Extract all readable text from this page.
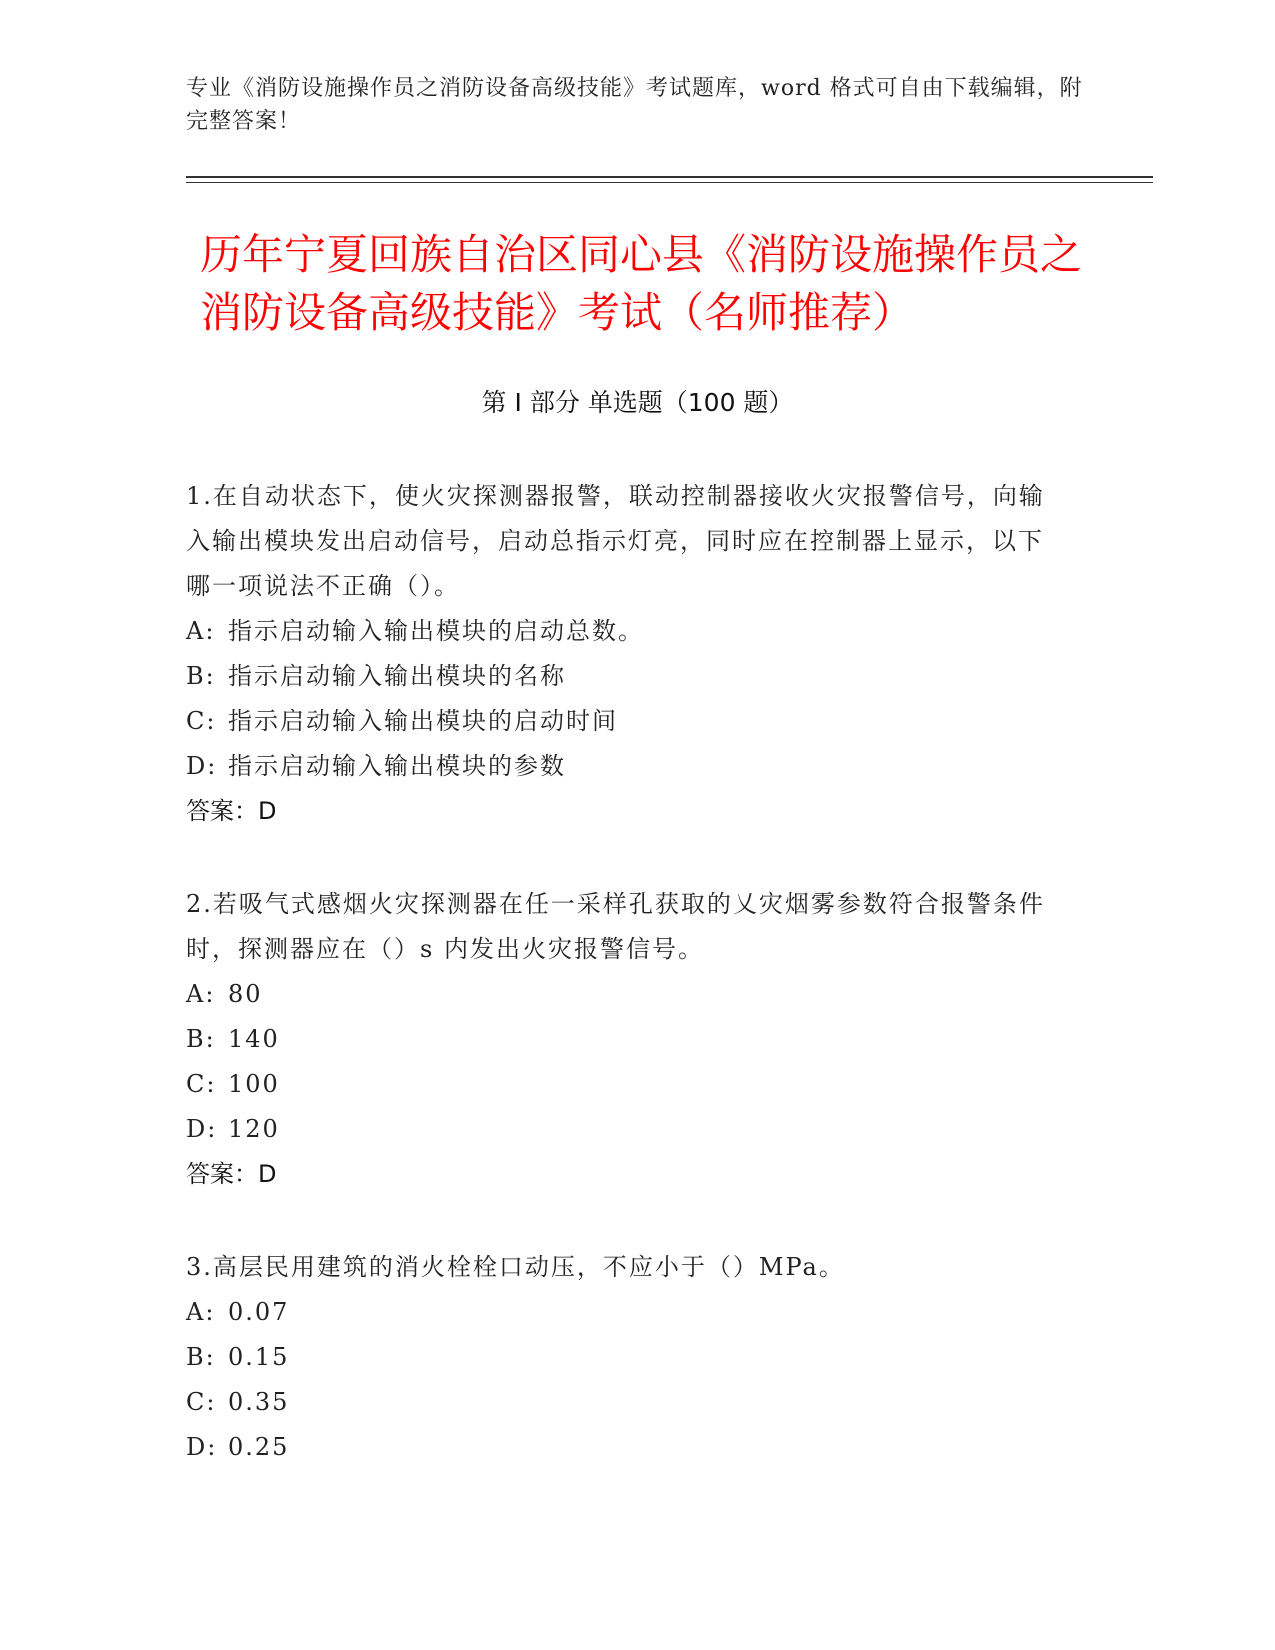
专业《消防设施操作员之消防设备高级技能》考试题库，word 格式可自由下载编辑，附完整答案！
历年宁夏回族自治区同心县《消防设施操作员之消防设备高级技能》考试（名师推荐）
第 I 部分 单选题（100 题）
1.在自动状态下，使火灾探测器报警，联动控制器接收火灾报警信号，向输入输出模块发出启动信号，启动总指示灯亮，同时应在控制器上显示，以下哪一项说法不正确（）。
A: 指示启动输入输出模块的启动总数。
B: 指示启动输入输出模块的名称
C: 指示启动输入输出模块的启动时间
D: 指示启动输入输出模块的参数
答案：D
2.若吸气式感烟火灾探测器在任一采样孔获取的乂灾烟雾参数符合报警条件时，探测器应在（）s 内发出火灾报警信号。
A: 80
B: 140
C: 100
D: 120
答案：D
3.高层民用建筑的消火栓栓口动压，不应小于（）MPa。
A: 0.07
B: 0.15
C: 0.35
D: 0.25
